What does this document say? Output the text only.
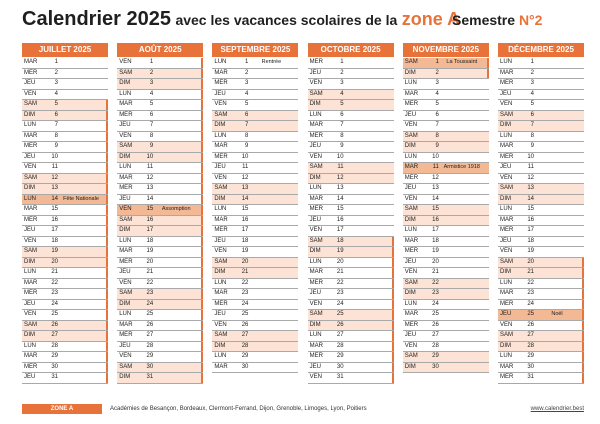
Calendrier 2025 avec les vacances scolaires de la zone A
Semestre N°2
JUILLET 2025
MAR	1
MER	2
JEU	3
VEN	4
SAM	5
DIM	6
LUN	7
MAR	8
MER	9
JEU	10
VEN	11
SAM	12
DIM	13
LUN	14 Fête Nationale
MAR	15
MER	16
JEU	17
VEN	18
SAM	19
DIM	20
LUN	21
MAR	22
MER	23
JEU	24
VEN	25
SAM	26
DIM	27
LUN	28
MAR	29
MER	30
JEU	31
AOÛT 2025
VEN	1
SAM	2
DIM	3
LUN	4
MAR	5
MER	6
JEU	7
VEN	8
SAM	9
DIM	10
LUN	11
MAR	12
MER	13
JEU	14
VEN	15	Assomption
SAM	16
DIM	17
LUN	18
MAR	19
MER	20
JEU	21
VEN	22
SAM	23
DIM	24
LUN	25
MAR	26
MER	27
JEU	28
VEN	29
SAM	30
DIM	31
SEPTEMBRE 2025
LUN	1	Rentrée
MAR	2
MER	3
JEU	4
VEN	5
SAM	6
DIM	7
LUN	8
MAR	9
MER	10
JEU	11
VEN	12
SAM	13
DIM	14
LUN	15
MAR	16
MER	17
JEU	18
VEN	19
SAM	20
DIM	21
LUN	22
MAR	23
MER	24
JEU	25
VEN	26
SAM	27
DIM	28
LUN	29
MAR	30
OCTOBRE 2025
MER	1
JEU	2
VEN	3
SAM	4
DIM	5
LUN	6
MAR	7
MER	8
JEU	9
VEN	10
SAM	11
DIM	12
LUN	13
MAR	14
MER	15
JEU	16
VEN	17
SAM	18
DIM	19
LUN	20
MAR	21
MER	22
JEU	23
VEN	24
SAM	25
DIM	26
LUN	27
MAR	28
MER	29
JEU	30
VEN	31
NOVEMBRE 2025
SAM	1	La Toussaint
DIM	2
LUN	3
MAR	4
MER	5
JEU	6
VEN	7
SAM	8
DIM	9
LUN	10
MAR	11 Armistice 1918
MER	12
JEU	13
VEN	14
SAM	15
DIM	16
LUN	17
MAR	18
MER	19
JEU	20
VEN	21
SAM	22
DIM	23
LUN	24
MAR	25
MER	26
JEU	27
VEN	28
SAM	29
DIM	30
DÉCEMBRE 2025
LUN	1
MAR	2
MER	3
JEU	4
VEN	5
SAM	6
DIM	7
LUN	8
MAR	9
MER	10
JEU	11
VEN	12
SAM	13
DIM	14
LUN	15
MAR	16
MER	17
JEU	18
VEN	19
SAM	20
DIM	21
LUN	22
MAR	23
MER	24
JEU	25	Noël
VEN	26
SAM	27
DIM	28
LUN	29
MAR	30
MER	31
ZONE A	Académies de Besançon, Bordeaux, Clermont-Ferrand, Dijon, Grenoble, Limoges, Lyon, Poitiers	www.calendrier.best
